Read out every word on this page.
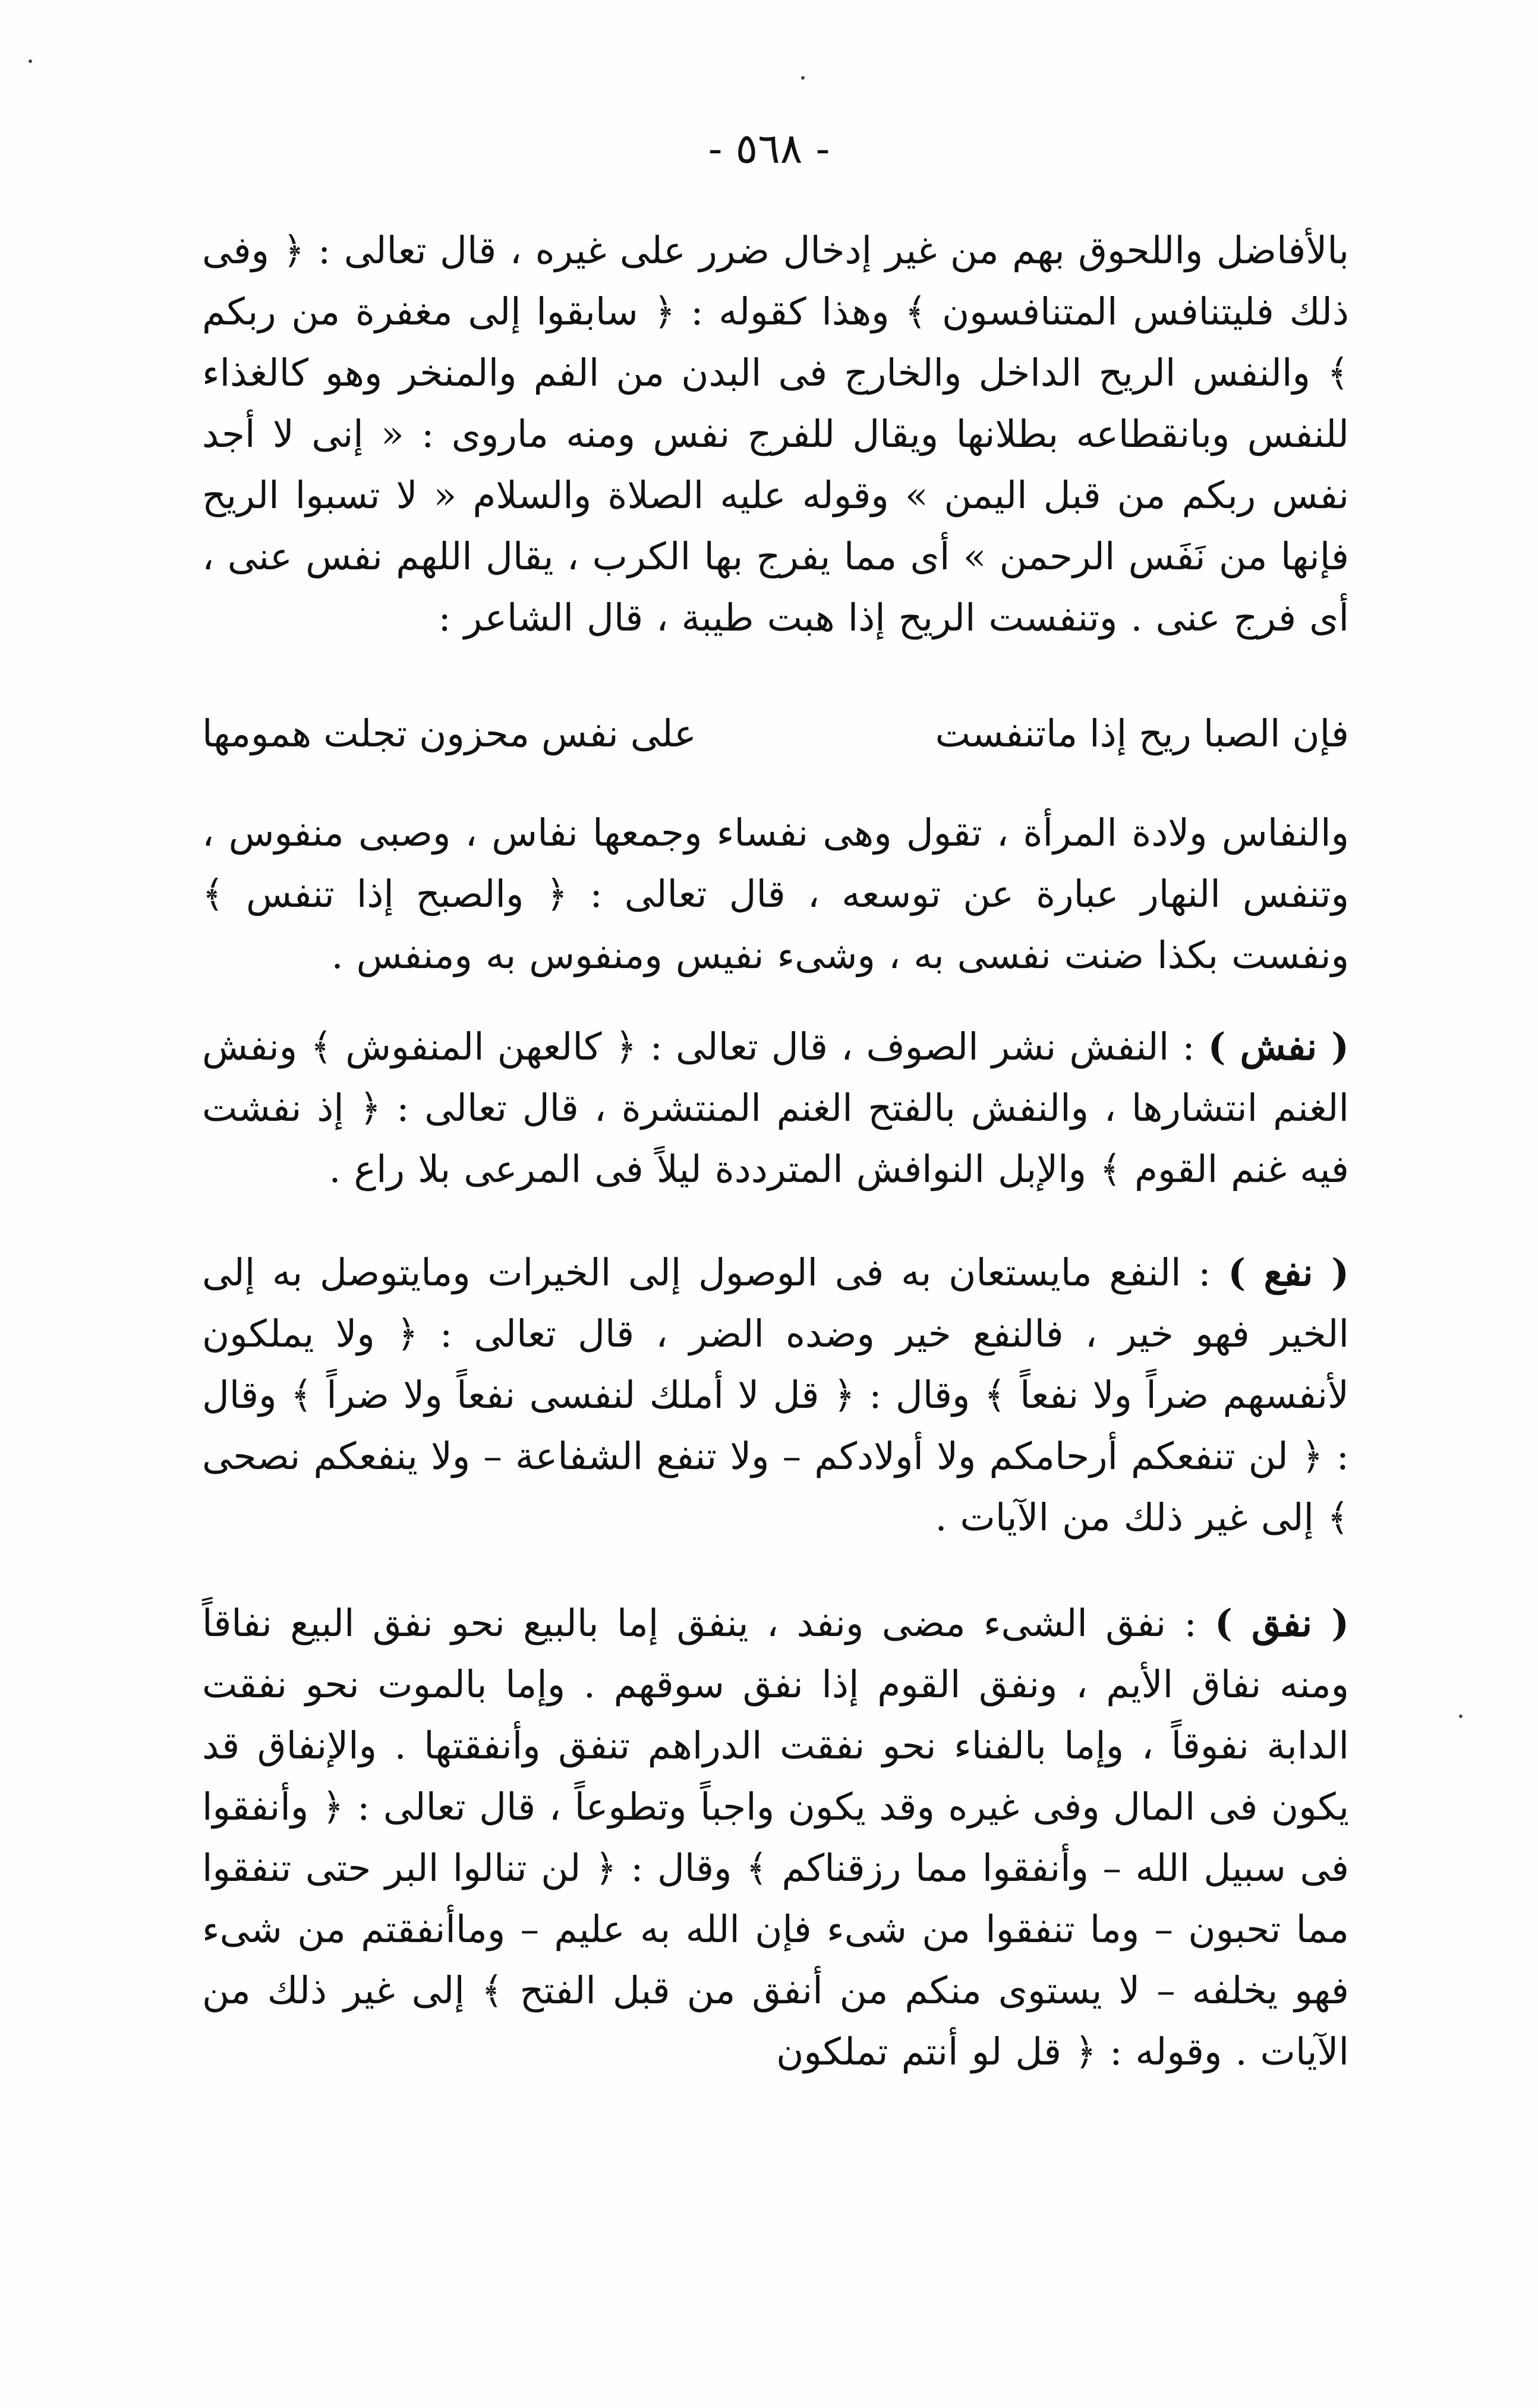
- ٥٦٨ -

بالأفاضل واللحوق بهم من غير إدخال ضرر على غيره ، قال تعالى : ﴿ وفى ذلك فليتنافس المتنافسون ﴾ وهذا كقوله : ﴿ سابقوا إلى مغفرة من ربكم ﴾ والنفس الريح الداخل والخارج فى البدن من الفم والمنخر وهو كالغذاء للنفس وبانقطاعه بطلانها ويقال للفرج نفس ومنه ماروى : « إنى لا أجد نفس ربكم من قبل اليمن » وقوله عليه الصلاة والسلام « لا تسبوا الريح فإنها من نَفَس الرحمن » أى مما يفرج بها الكرب ، يقال اللهم نفس عنى ، أى فرج عنى . وتنفست الريح إذا هبت طيبة ، قال الشاعر :

فإن الصبا ريح إذا ماتنفست
على نفس محزون تجلت همومها

والنفاس ولادة المرأة ، تقول وهى نفساء وجمعها نفاس ، وصبى منفوس ، وتنفس النهار عبارة عن توسعه ، قال تعالى : ﴿ والصبح إذا تنفس ﴾ ونفست بكذا ضنت نفسى به ، وشىء نفيس ومنفوس به ومنفس .

( نفش ) : النفش نشر الصوف ، قال تعالى : ﴿ كالعهن المنفوش ﴾ ونفش الغنم انتشارها ، والنفش بالفتح الغنم المنتشرة ، قال تعالى : ﴿ إذ نفشت فيه غنم القوم ﴾ والإبل النوافش المترددة ليلاً فى المرعى بلا راع .

( نفع ) : النفع مايستعان به فى الوصول إلى الخيرات ومايتوصل به إلى الخير فهو خير ، فالنفع خير وضده الضر ، قال تعالى : ﴿ ولا يملكون لأنفسهم ضراً ولا نفعاً ﴾ وقال : ﴿ قل لا أملك لنفسى نفعاً ولا ضراً ﴾ وقال : ﴿ لن تنفعكم أرحامكم ولا أولادكم – ولا تنفع الشفاعة – ولا ينفعكم نصحى ﴾ إلى غير ذلك من الآيات .

( نفق ) : نفق الشىء مضى ونفد ، ينفق إما بالبيع نحو نفق البيع نفاقاً ومنه نفاق الأيم ، ونفق القوم إذا نفق سوقهم . وإما بالموت نحو نفقت الدابة نفوقاً ، وإما بالفناء نحو نفقت الدراهم تنفق وأنفقتها . والإنفاق قد يكون فى المال وفى غيره وقد يكون واجباً وتطوعاً ، قال تعالى : ﴿ وأنفقوا فى سبيل الله – وأنفقوا مما رزقناكم ﴾ وقال : ﴿ لن تنالوا البر حتى تنفقوا مما تحبون – وما تنفقوا من شىء فإن الله به عليم – وماأنفقتم من شىء فهو يخلفه – لا يستوى منكم من أنفق من قبل الفتح ﴾ إلى غير ذلك من الآيات . وقوله : ﴿ قل لو أنتم تملكون
